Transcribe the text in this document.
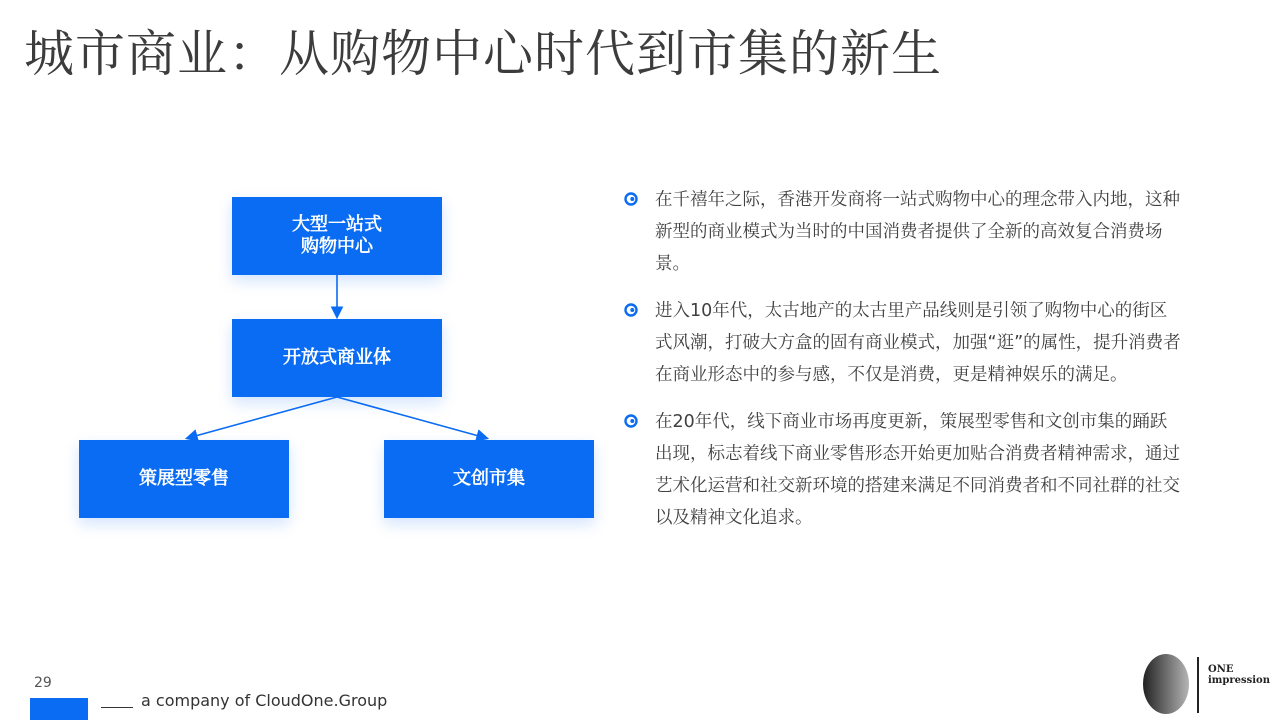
城市商业：从购物中心时代到市集的新生
大型一站式
购物中心
开放式商业体
策展型零售	文创市集

在千禧年之际，香港开发商将一站式购物中心的理念带入内地，这种新型的商业模式为当时的中国消费者提供了全新的高效复合消费场景。

进入10年代，太古地产的太古里产品线则是引领了购物中心的街区式风潮，打破大方盒的固有商业模式，加强“逛”的属性，提升消费者在商业形态中的参与感，不仅是消费，更是精神娱乐的满足。

在20年代，线下商业市场再度更新，策展型零售和文创市集的踊跃出现，标志着线下商业零售形态开始更加贴合消费者精神需求，通过艺术化运营和社交新环境的搭建来满足不同消费者和不同社群的社交以及精神文化追求。

29
a company of CloudOne.Group
ONE
impression
